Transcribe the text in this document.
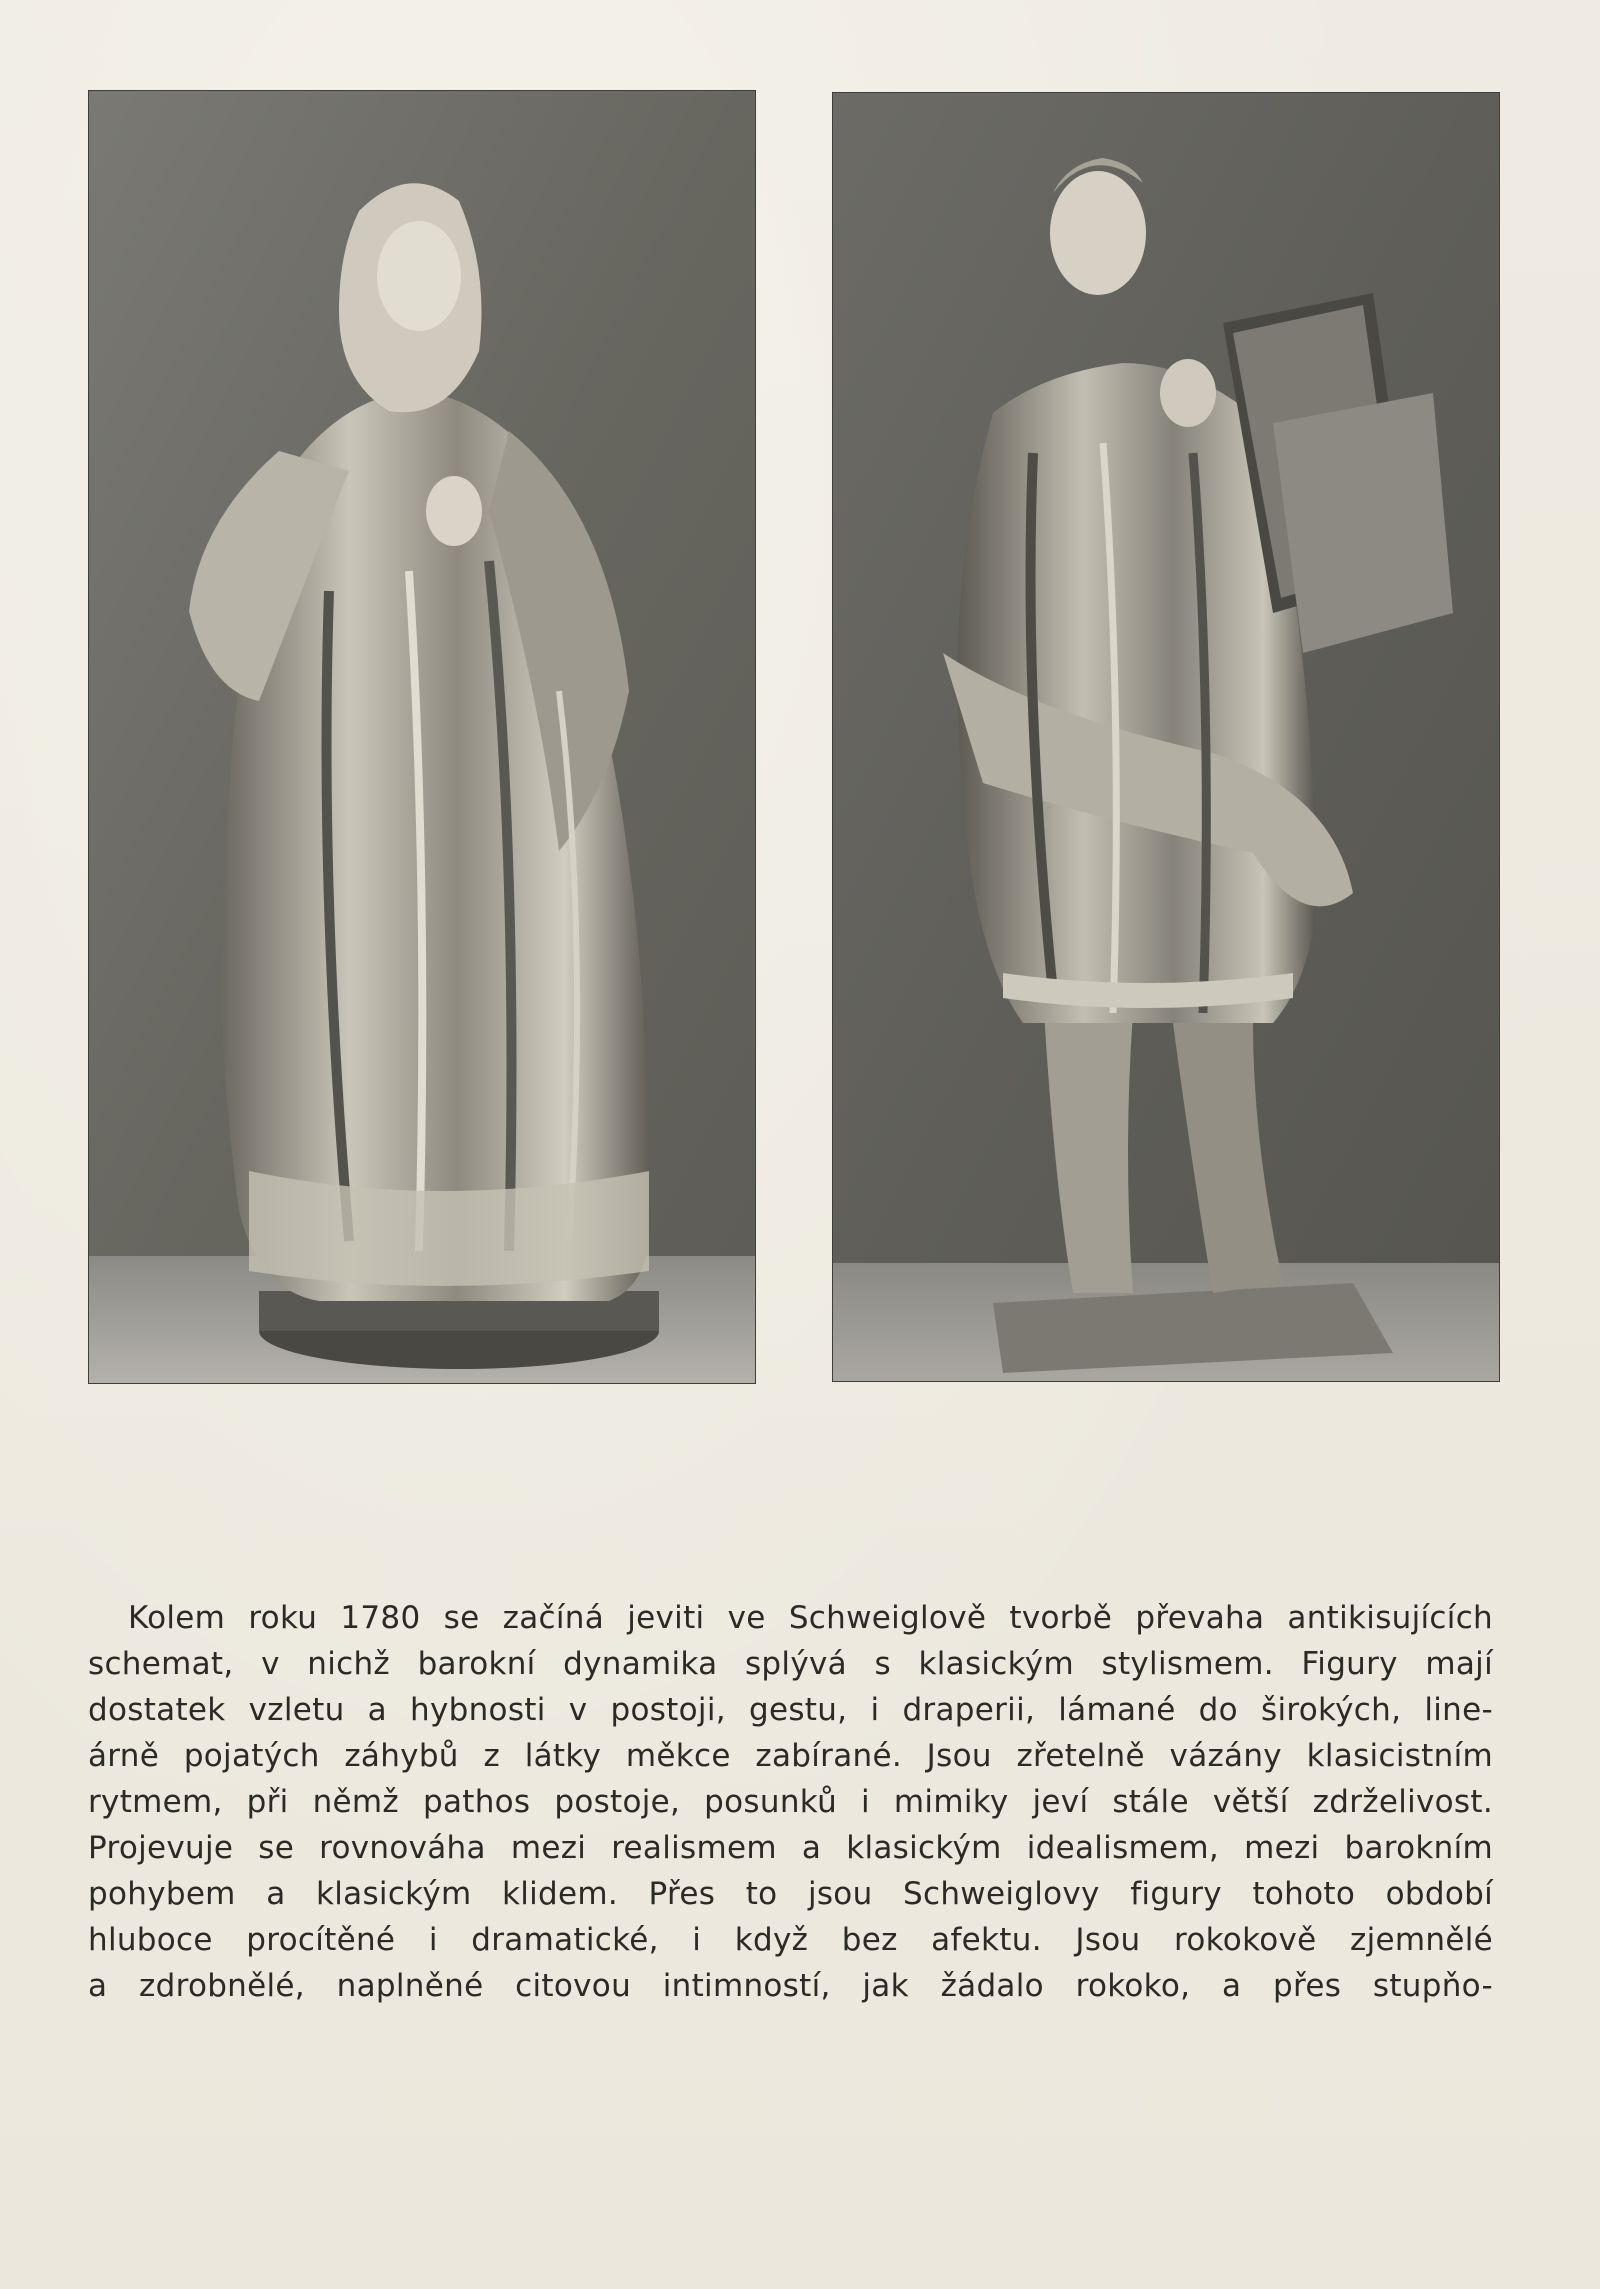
Kolem roku 1780 se začíná jeviti ve Schweiglově tvorbě převaha antikisujících
schemat, v nichž barokní dynamika splývá s klasickým stylismem. Figury mají
dostatek vzletu a hybnosti v postoji, gestu, i draperii, lámané do širokých, line-
árně pojatých záhybů z látky měkce zabírané. Jsou zřetelně vázány klasicistním
rytmem, při němž pathos postoje, posunků i mimiky jeví stále větší zdrželivost.
Projevuje se rovnováha mezi realismem a klasickým idealismem, mezi barokním
pohybem a klasickým klidem. Přes to jsou Schweiglovy figury tohoto období
hluboce procítěné i dramatické, i když bez afektu. Jsou rokokově zjemnělé
a zdrobnělé, naplněné citovou intimností, jak žádalo rokoko, a přes stupňo-
